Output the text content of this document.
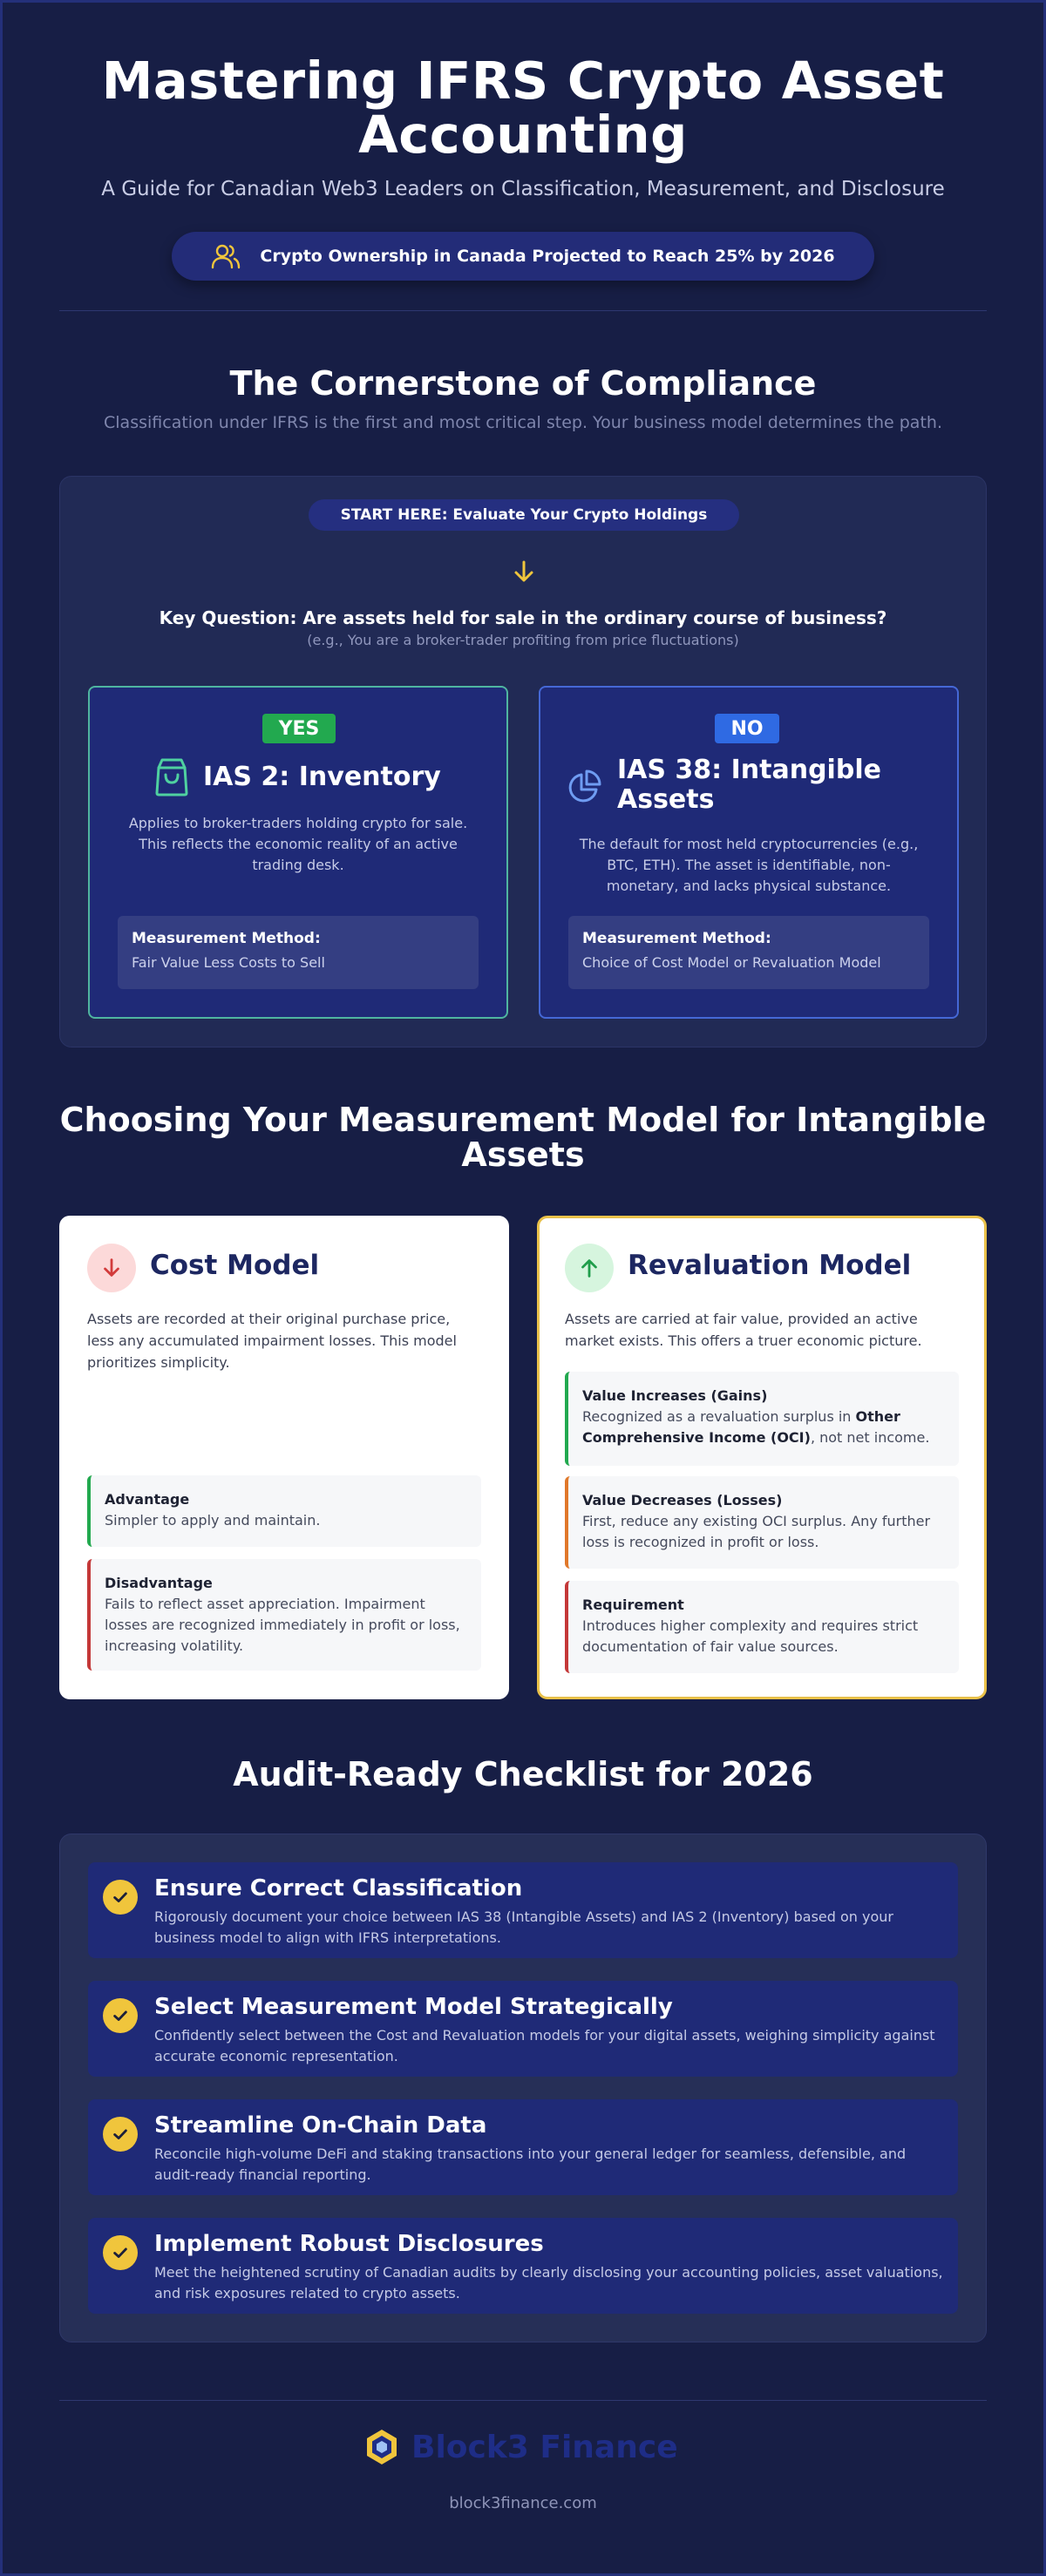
Mastering IFRS Crypto Asset Accounting
A Guide for Canadian Web3 Leaders on Classification, Measurement, and Disclosure
Crypto Ownership in Canada Projected to Reach 25% by 2026
The Cornerstone of Compliance
Classification under IFRS is the first and most critical step. Your business model determines the path.
START HERE: Evaluate Your Crypto Holdings
Key Question: Are assets held for sale in the ordinary course of business?
(e.g., You are a broker-trader profiting from price fluctuations)
YES
IAS 2: Inventory
Applies to broker-traders holding crypto for sale. This reflects the economic reality of an active trading desk.
Measurement Method:
Fair Value Less Costs to Sell
NO
IAS 38: Intangible Assets
The default for most held cryptocurrencies (e.g., BTC, ETH). The asset is identifiable, non-monetary, and lacks physical substance.
Measurement Method:
Choice of Cost Model or Revaluation Model
Choosing Your Measurement Model for Intangible Assets
Cost Model
Assets are recorded at their original purchase price, less any accumulated impairment losses. This model prioritizes simplicity.
Advantage
Simpler to apply and maintain.
Disadvantage
Fails to reflect asset appreciation. Impairment losses are recognized immediately in profit or loss, increasing volatility.
Revaluation Model
Assets are carried at fair value, provided an active market exists. This offers a truer economic picture.
Value Increases (Gains)
Recognized as a revaluation surplus in Other Comprehensive Income (OCI), not net income.
Value Decreases (Losses)
First, reduce any existing OCI surplus. Any further loss is recognized in profit or loss.
Requirement
Introduces higher complexity and requires strict documentation of fair value sources.
Audit-Ready Checklist for 2026
Ensure Correct Classification
Rigorously document your choice between IAS 38 (Intangible Assets) and IAS 2 (Inventory) based on your business model to align with IFRS interpretations.
Select Measurement Model Strategically
Confidently select between the Cost and Revaluation models for your digital assets, weighing simplicity against accurate economic representation.
Streamline On-Chain Data
Reconcile high-volume DeFi and staking transactions into your general ledger for seamless, defensible, and audit-ready financial reporting.
Implement Robust Disclosures
Meet the heightened scrutiny of Canadian audits by clearly disclosing your accounting policies, asset valuations, and risk exposures related to crypto assets.
Block3 Finance
block3finance.com
